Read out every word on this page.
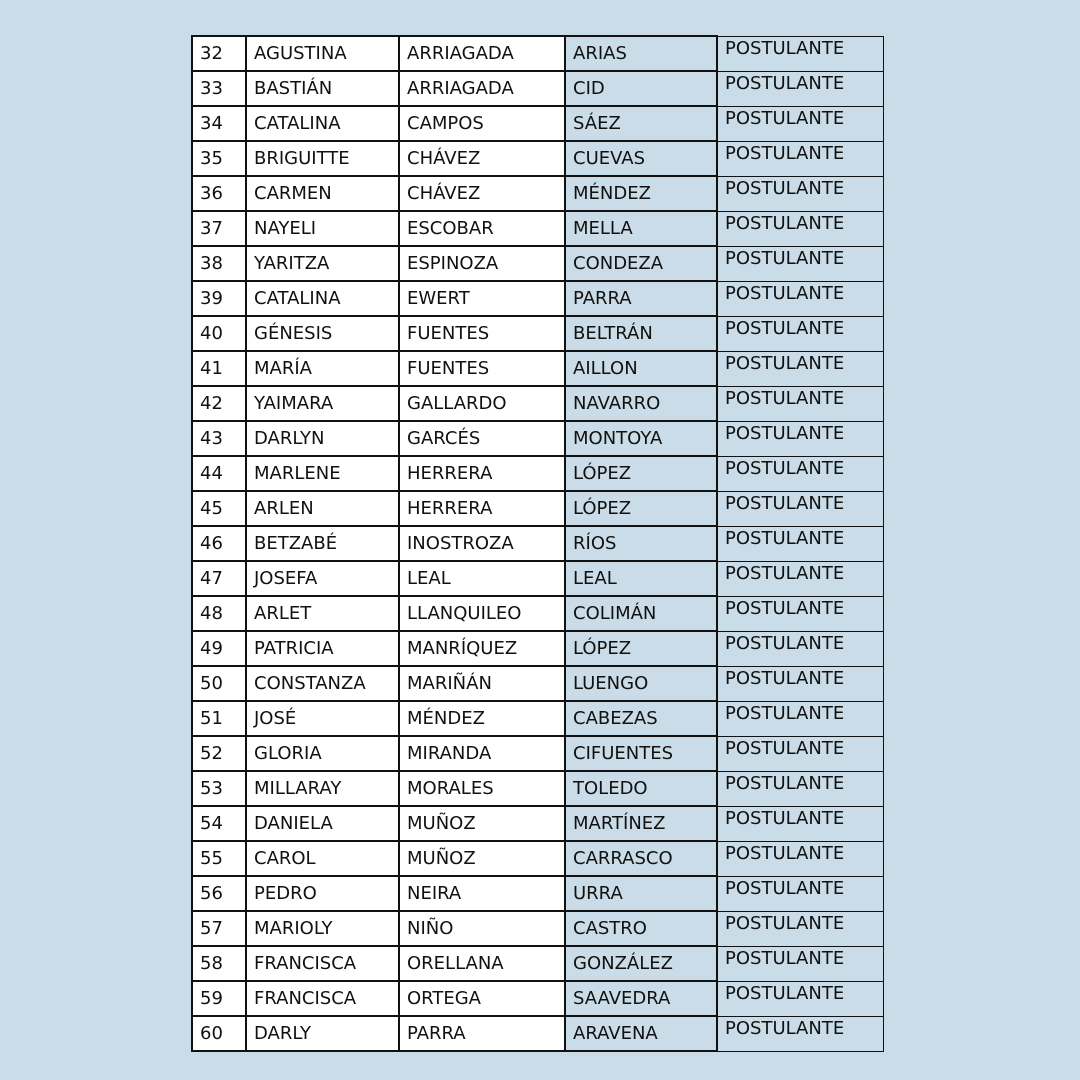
32	AGUSTINA	ARRIAGADA	ARIAS	POSTULANTE
33	BASTIÁN	ARRIAGADA	CID	POSTULANTE
34	CATALINA	CAMPOS	SÁEZ	POSTULANTE
35	BRIGUITTE	CHÁVEZ	CUEVAS	POSTULANTE
36	CARMEN	CHÁVEZ	MÉNDEZ	POSTULANTE
37	NAYELI	ESCOBAR	MELLA	POSTULANTE
38	YARITZA	ESPINOZA	CONDEZA	POSTULANTE
39	CATALINA	EWERT	PARRA	POSTULANTE
40	GÉNESIS	FUENTES	BELTRÁN	POSTULANTE
41	MARÍA	FUENTES	AILLON	POSTULANTE
42	YAIMARA	GALLARDO	NAVARRO	POSTULANTE
43	DARLYN	GARCÉS	MONTOYA	POSTULANTE
44	MARLENE	HERRERA	LÓPEZ	POSTULANTE
45	ARLEN	HERRERA	LÓPEZ	POSTULANTE
46	BETZABÉ	INOSTROZA	RÍOS	POSTULANTE
47	JOSEFA	LEAL	LEAL	POSTULANTE
48	ARLET	LLANQUILEO	COLIMÁN	POSTULANTE
49	PATRICIA	MANRÍQUEZ	LÓPEZ	POSTULANTE
50	CONSTANZA	MARIÑÁN	LUENGO	POSTULANTE
51	JOSÉ	MÉNDEZ	CABEZAS	POSTULANTE
52	GLORIA	MIRANDA	CIFUENTES	POSTULANTE
53	MILLARAY	MORALES	TOLEDO	POSTULANTE
54	DANIELA	MUÑOZ	MARTÍNEZ	POSTULANTE
55	CAROL	MUÑOZ	CARRASCO	POSTULANTE
56	PEDRO	NEIRA	URRA	POSTULANTE
57	MARIOLY	NIÑO	CASTRO	POSTULANTE
58	FRANCISCA	ORELLANA	GONZÁLEZ	POSTULANTE
59	FRANCISCA	ORTEGA	SAAVEDRA	POSTULANTE
60	DARLY	PARRA	ARAVENA	POSTULANTE
